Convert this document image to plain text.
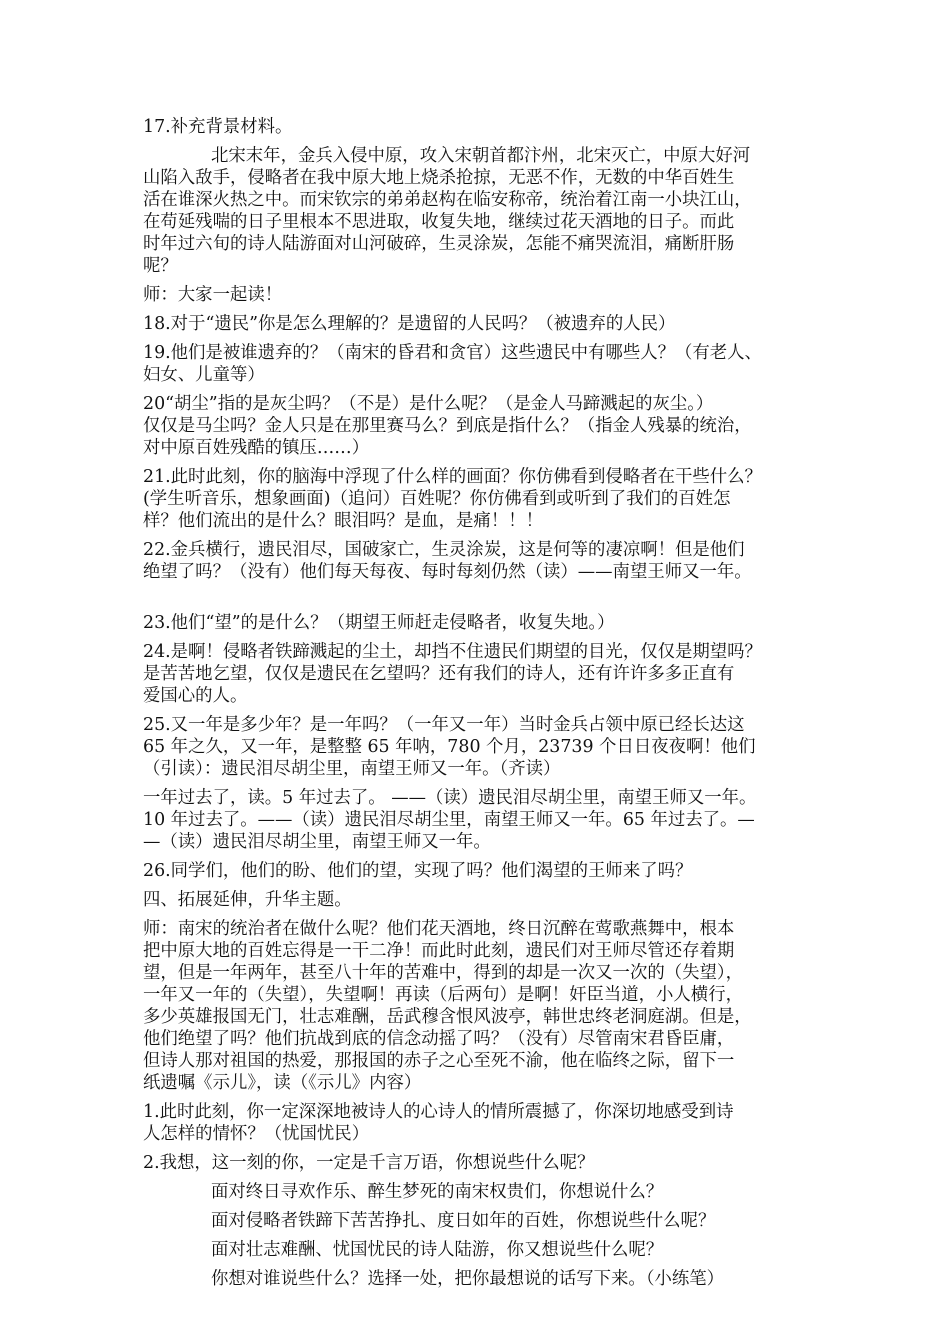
17.补充背景材料。
北宋末年，金兵入侵中原，攻入宋朝首都汴州，北宋灭亡，中原大好河
山陷入敌手，侵略者在我中原大地上烧杀抢掠，无恶不作，无数的中华百姓生
活在谁深火热之中。而宋钦宗的弟弟赵构在临安称帝，统治着江南一小块江山，
在苟延残喘的日子里根本不思进取，收复失地，继续过花天酒地的日子。而此
时年过六旬的诗人陆游面对山河破碎，生灵涂炭，怎能不痛哭流泪，痛断肝肠
呢？
师：大家一起读！
18.对于“遗民”你是怎么理解的？是遗留的人民吗？（被遗弃的人民）
19.他们是被谁遗弃的？（南宋的昏君和贪官）这些遗民中有哪些人？（有老人、
妇女、儿童等）
20“胡尘”指的是灰尘吗？（不是）是什么呢？（是金人马蹄溅起的灰尘。）
仅仅是马尘吗？金人只是在那里赛马么？到底是指什么？（指金人残暴的统治，
对中原百姓残酷的镇压……）
21.此时此刻，你的脑海中浮现了什么样的画面？你仿佛看到侵略者在干些什么？
(学生听音乐，想象画面)（追问）百姓呢？你仿佛看到或听到了我们的百姓怎
样？他们流出的是什么？眼泪吗？是血，是痛！！！
22.金兵横行，遗民泪尽，国破家亡，生灵涂炭，这是何等的凄凉啊！但是他们
绝望了吗？（没有）他们每天每夜、每时每刻仍然（读）——南望王师又一年。
23.他们“望”的是什么？（期望王师赶走侵略者，收复失地。）
24.是啊！侵略者铁蹄溅起的尘土，却挡不住遗民们期望的目光，仅仅是期望吗？
是苦苦地乞望，仅仅是遗民在乞望吗？还有我们的诗人，还有许许多多正直有
爱国心的人。
25.又一年是多少年？是一年吗？（一年又一年）当时金兵占领中原已经长达这
65 年之久，又一年，是整整 65 年呐，780 个月，23739 个日日夜夜啊！他们
（引读）：遗民泪尽胡尘里，南望王师又一年。（齐读）
一年过去了，读。5 年过去了。 ——（读）遗民泪尽胡尘里，南望王师又一年。
10 年过去了。——（读）遗民泪尽胡尘里，南望王师又一年。65 年过去了。—
—（读）遗民泪尽胡尘里，南望王师又一年。
26.同学们，他们的盼、他们的望，实现了吗？他们渴望的王师来了吗？
四、拓展延伸，升华主题。
师：南宋的统治者在做什么呢？他们花天酒地，终日沉醉在莺歌燕舞中，根本
把中原大地的百姓忘得是一干二净！而此时此刻，遗民们对王师尽管还存着期
望，但是一年两年，甚至八十年的苦难中，得到的却是一次又一次的（失望），
一年又一年的（失望），失望啊！再读（后两句）是啊！奸臣当道，小人横行，
多少英雄报国无门，壮志难酬，岳武穆含恨风波亭，韩世忠终老洞庭湖。但是，
他们绝望了吗？他们抗战到底的信念动摇了吗？（没有）尽管南宋君昏臣庸，
但诗人那对祖国的热爱，那报国的赤子之心至死不渝，他在临终之际，留下一
纸遗嘱《示儿》，读（《示儿》内容）
1.此时此刻，你一定深深地被诗人的心诗人的情所震撼了，你深切地感受到诗
人怎样的情怀？（忧国忧民）
2.我想，这一刻的你，一定是千言万语，你想说些什么呢？
面对终日寻欢作乐、醉生梦死的南宋权贵们，你想说什么？
面对侵略者铁蹄下苦苦挣扎、度日如年的百姓，你想说些什么呢？
面对壮志难酬、忧国忧民的诗人陆游，你又想说些什么呢？
你想对谁说些什么？选择一处，把你最想说的话写下来。（小练笔）
